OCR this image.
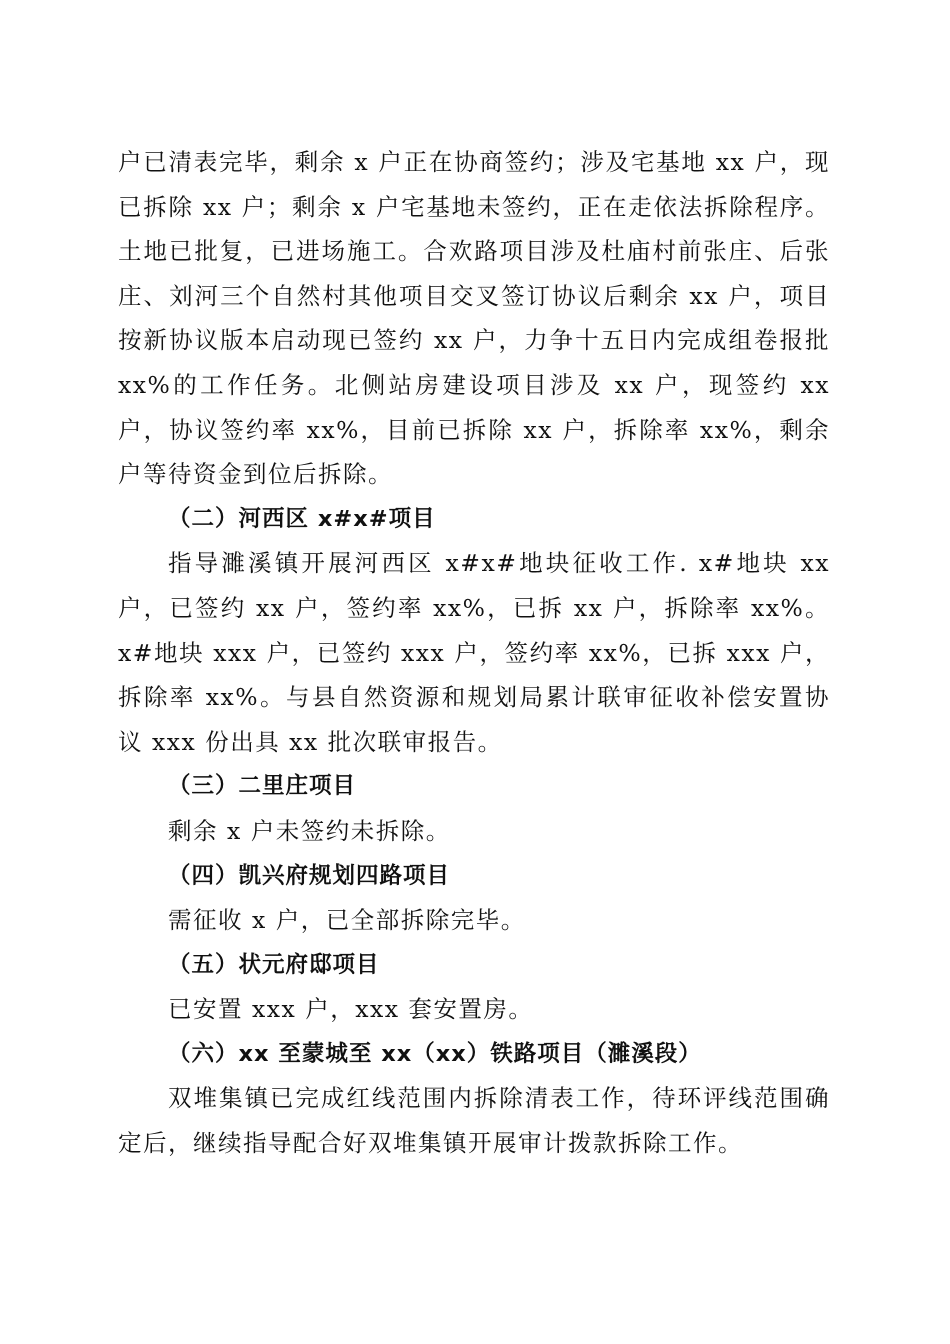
户已清表完毕，剩余 x 户正在协商签约；涉及宅基地 xx 户，现已拆除 xx 户；剩余 x 户宅基地未签约，正在走依法拆除程序。土地已批复，已进场施工。合欢路项目涉及杜庙村前张庄、后张庄、刘河三个自然村其他项目交叉签订协议后剩余 xx 户，项目按新协议版本启动现已签约 xx 户，力争十五日内完成组卷报批 xx%的工作任务。北侧站房建设项目涉及 xx 户，现签约 xx 户，协议签约率 xx%，目前已拆除 xx 户，拆除率 xx%，剩余户等待资金到位后拆除。

（二）河西区 x#x#项目

指导濉溪镇开展河西区 x#x#地块征收工作. x#地块 xx 户，已签约 xx 户，签约率 xx%，已拆 xx 户，拆除率 xx%。x#地块 xxx 户，已签约 xxx 户，签约率 xx%，已拆 xxx 户，拆除率 xx%。与县自然资源和规划局累计联审征收补偿安置协议 xxx 份出具 xx 批次联审报告。

（三）二里庄项目

剩余 x 户未签约未拆除。

（四）凯兴府规划四路项目

需征收 x 户，已全部拆除完毕。

（五）状元府邸项目

已安置 xxx 户，xxx 套安置房。

（六）xx 至蒙城至 xx（xx）铁路项目（濉溪段）

双堆集镇已完成红线范围内拆除清表工作，待环评线范围确定后，继续指导配合好双堆集镇开展审计拨款拆除工作。
